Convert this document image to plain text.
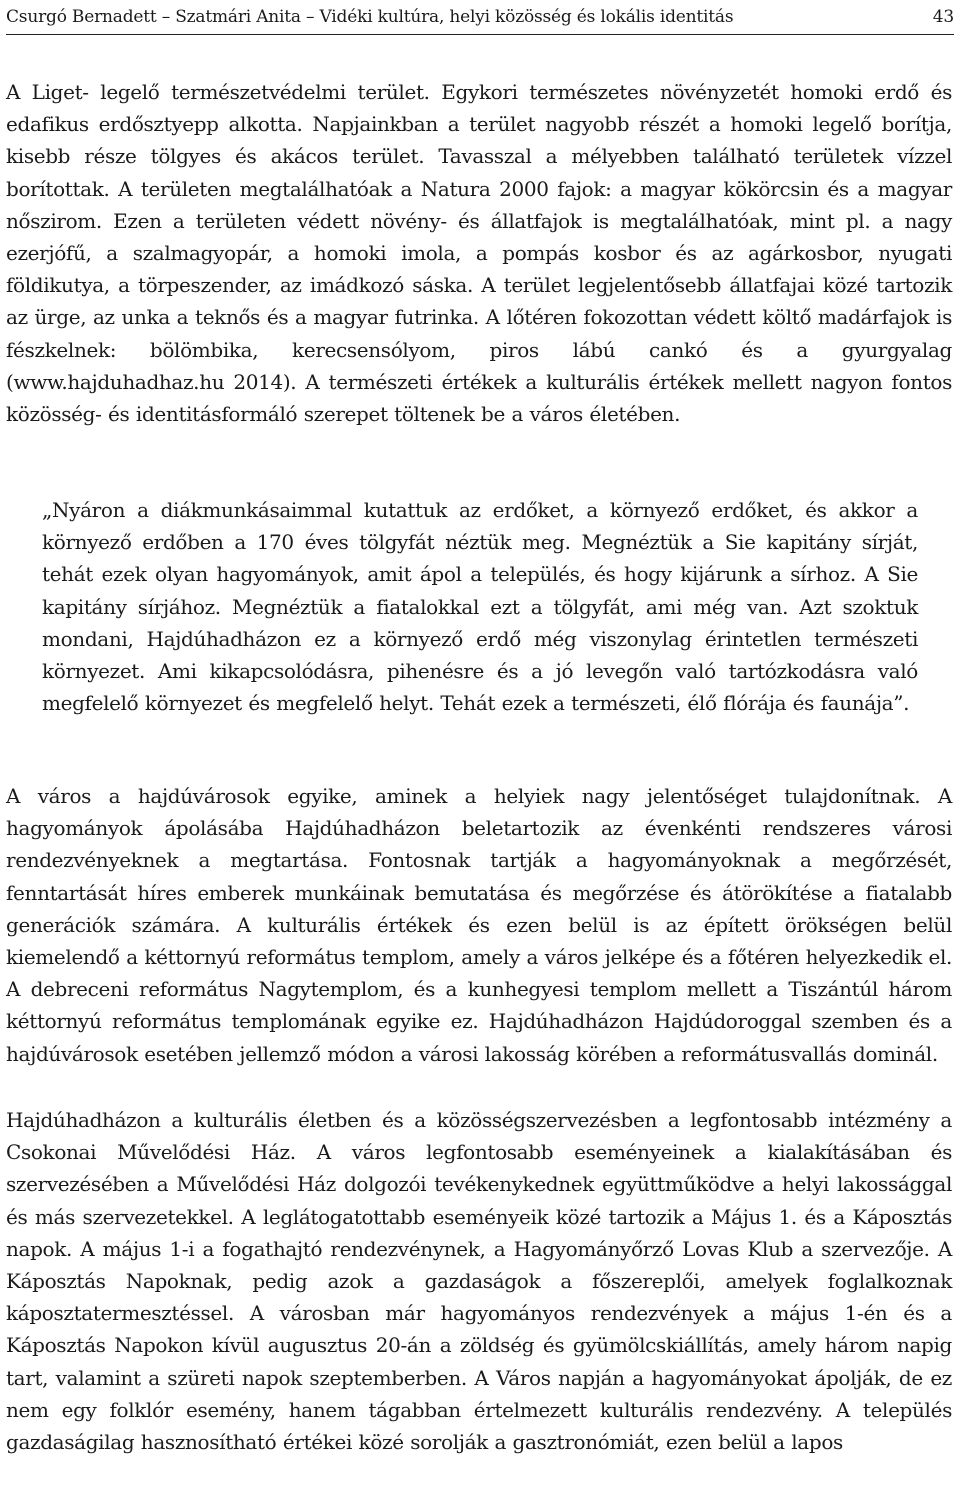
Csurgó Bernadett – Szatmári Anita – Vidéki kultúra, helyi közösség és lokális identitás	43

A Liget- legelő természetvédelmi terület. Egykori természetes növényzetét homoki erdő és edafikus erdősztyepp alkotta. Napjainkban a terület nagyobb részét a homoki legelő borítja, kisebb része tölgyes és akácos terület. Tavasszal a mélyebben található területek vízzel borítottak. A területen megtalálhatóak a Natura 2000 fajok: a magyar kökörcsin és a magyar nőszirom. Ezen a területen védett növény- és állatfajok is megtalálhatóak, mint pl. a nagy ezerjófű, a szalmagyopár, a homoki imola, a pompás kosbor és az agárkosbor, nyugati földikutya, a törpeszender, az imádkozó sáska. A terület legjelentősebb állatfajai közé tartozik az ürge, az unka a teknős és a magyar futrinka. A lőtéren fokozottan védett költő madárfajok is fészkelnek: bölömbika, kerecsensólyom, piros lábú cankó és a gyurgyalag (www.hajduhadhaz.hu 2014). A természeti értékek a kulturális értékek mellett nagyon fontos közösség- és identitásformáló szerepet töltenek be a város életében.

„Nyáron a diákmunkásaimmal kutattuk az erdőket, a környező erdőket, és akkor a környező erdőben a 170 éves tölgyfát néztük meg. Megnéztük a Sie kapitány sírját, tehát ezek olyan hagyományok, amit ápol a település, és hogy kijárunk a sírhoz. A Sie kapitány sírjához. Megnéztük a fiatalokkal ezt a tölgyfát, ami még van. Azt szoktuk mondani, Hajdúhadházon ez a környező erdő még viszonylag érintetlen természeti környezet. Ami kikapcsolódásra, pihenésre és a jó levegőn való tartózkodásra való megfelelő környezet és megfelelő helyt. Tehát ezek a természeti, élő flórája és faunája”.

A város a hajdúvárosok egyike, aminek a helyiek nagy jelentőséget tulajdonítnak. A hagyományok ápolásába Hajdúhadházon beletartozik az évenkénti rendszeres városi rendezvényeknek a megtartása. Fontosnak tartják a hagyományoknak a megőrzését, fenntartását híres emberek munkáinak bemutatása és megőrzése és átörökítése a fiatalabb generációk számára. A kulturális értékek és ezen belül is az épített örökségen belül kiemelendő a kéttornyú református templom, amely a város jelképe és a főtéren helyezkedik el. A debreceni református Nagytemplom, és a kunhegyesi templom mellett a Tiszántúl három kéttornyú református templomának egyike ez. Hajdúhadházon Hajdúdoroggal szemben és a hajdúvárosok esetében jellemző módon a városi lakosság körében a reformátusvallás dominál.

Hajdúhadházon a kulturális életben és a közösségszervezésben a legfontosabb intézmény a Csokonai Művelődési Ház. A város legfontosabb eseményeinek a kialakításában és szervezésében a Művelődési Ház dolgozói tevékenykednek együttműködve a helyi lakossággal és más szervezetekkel. A leglátogatottabb eseményeik közé tartozik a Május 1. és a Káposztás napok. A május 1-i a fogathajtó rendezvénynek, a Hagyományőrző Lovas Klub a szervezője. A Káposztás Napoknak, pedig azok a gazdaságok a főszereplői, amelyek foglalkoznak káposztatermesztéssel. A városban már hagyományos rendezvények a május 1-én és a Káposztás Napokon kívül augusztus 20-án a zöldség és gyümölcskiállítás, amely három napig tart, valamint a szüreti napok szeptemberben. A Város napján a hagyományokat ápolják, de ez nem egy folklór esemény, hanem tágabban értelmezett kulturális rendezvény. A település gazdaságilag hasznosítható értékei közé sorolják a gasztronómiát, ezen belül a lapos
